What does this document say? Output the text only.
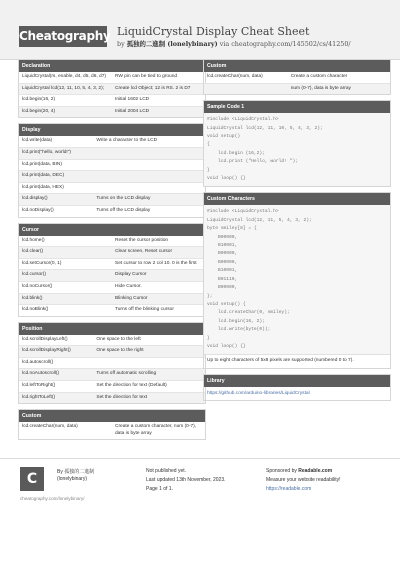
Cheatography LiquidCrystal Display Cheat Sheet
by 孤独的二進制 (lonelybinary) via cheatography.com/145502/cs/41250/
Declaration
LiquidCrystal(rs, enable, d4, d5, d6, d7)	RW pin can be tied to ground
LiquidCrystal lcd(12, 11, 10, 5, 4, 3, 2);	Create lcd Object; 12 is RS. 2 is D7
lcd.begin(16, 2)	Initial 1602 LCD
lcd.begin(20, 4)	Initial 2004 LCD
Display
lcd.write(data)	Write a character to the LCD
lcd.print("hello, world!")	
lcd.print(data, BIN)	
lcd.print(data, DEC)	
lcd.print(data, HEX)	
lcd.display()	Turns on the LCD display
lcd.noDisplay()	Turns off the LCD display
Cursor
lcd.home()	Reset the cursor position
lcd.clear()	Clear screen, Reset cursor
lcd.setCursor(0, 1)	Set cursor to row 2 col 10. 0 is the first
lcd.cursor()	Display Cursor
lcd.noCursor()	Hide Cursor.
lcd.blink()	Blinking Cursor
lcd.noBlink()	Turns off the blinking cursor
Position
lcd.scrollDisplayLeft()	One space to the left
lcd.scrollDisplayRight()	One space to the right
lcd.autoscroll()	
lcd.noAutoscroll()	Turns off automatic scrolling
lcd.leftToRight()	Set the direction for text (Default)
lcd.rightToLeft()	Set the direction for text
Custom
lcd.createChar(num, data)	Create a custom character, num (0-7), data is byte array
Custom
lcd.createChar(num, data)	Create a custom character
	num (0-7), data is byte array
Sample Code 1
#include <LiquidCrystal.h>
LiquidCrystal lcd(12, 11, 10, 5, 4, 3, 2);
void setup()
{
lcd.begin (16,2);
lcd.print ("Hello, world! ");
}
void loop() {}
Custom Characters
#include <LiquidCrystal.h>
LiquidCrystal lcd(12, 11, 5, 4, 3, 2);
byte smiley[8] = {
B00000,
B10001,
B00000,
B00000,
B10001,
B01110,
B00000,
};
void setup() {
lcd.createChar(0, smiley);
lcd.begin(16, 2);
lcd.write(byte(0));
}
void loop() {}
Up to eight characters of 5x8 pixels are supported (numbered 0 to 7).
Library
https://github.com/arduino-libraries/LiquidCrystal
C	By 孤独的二進制
(lonelybinary)
cheatography.com/lonelybinary/
Not published yet.
Last updated 13th November, 2023.
Page 1 of 1.
Sponsored by Readable.com
Measure your website readability!
https://readable.com
